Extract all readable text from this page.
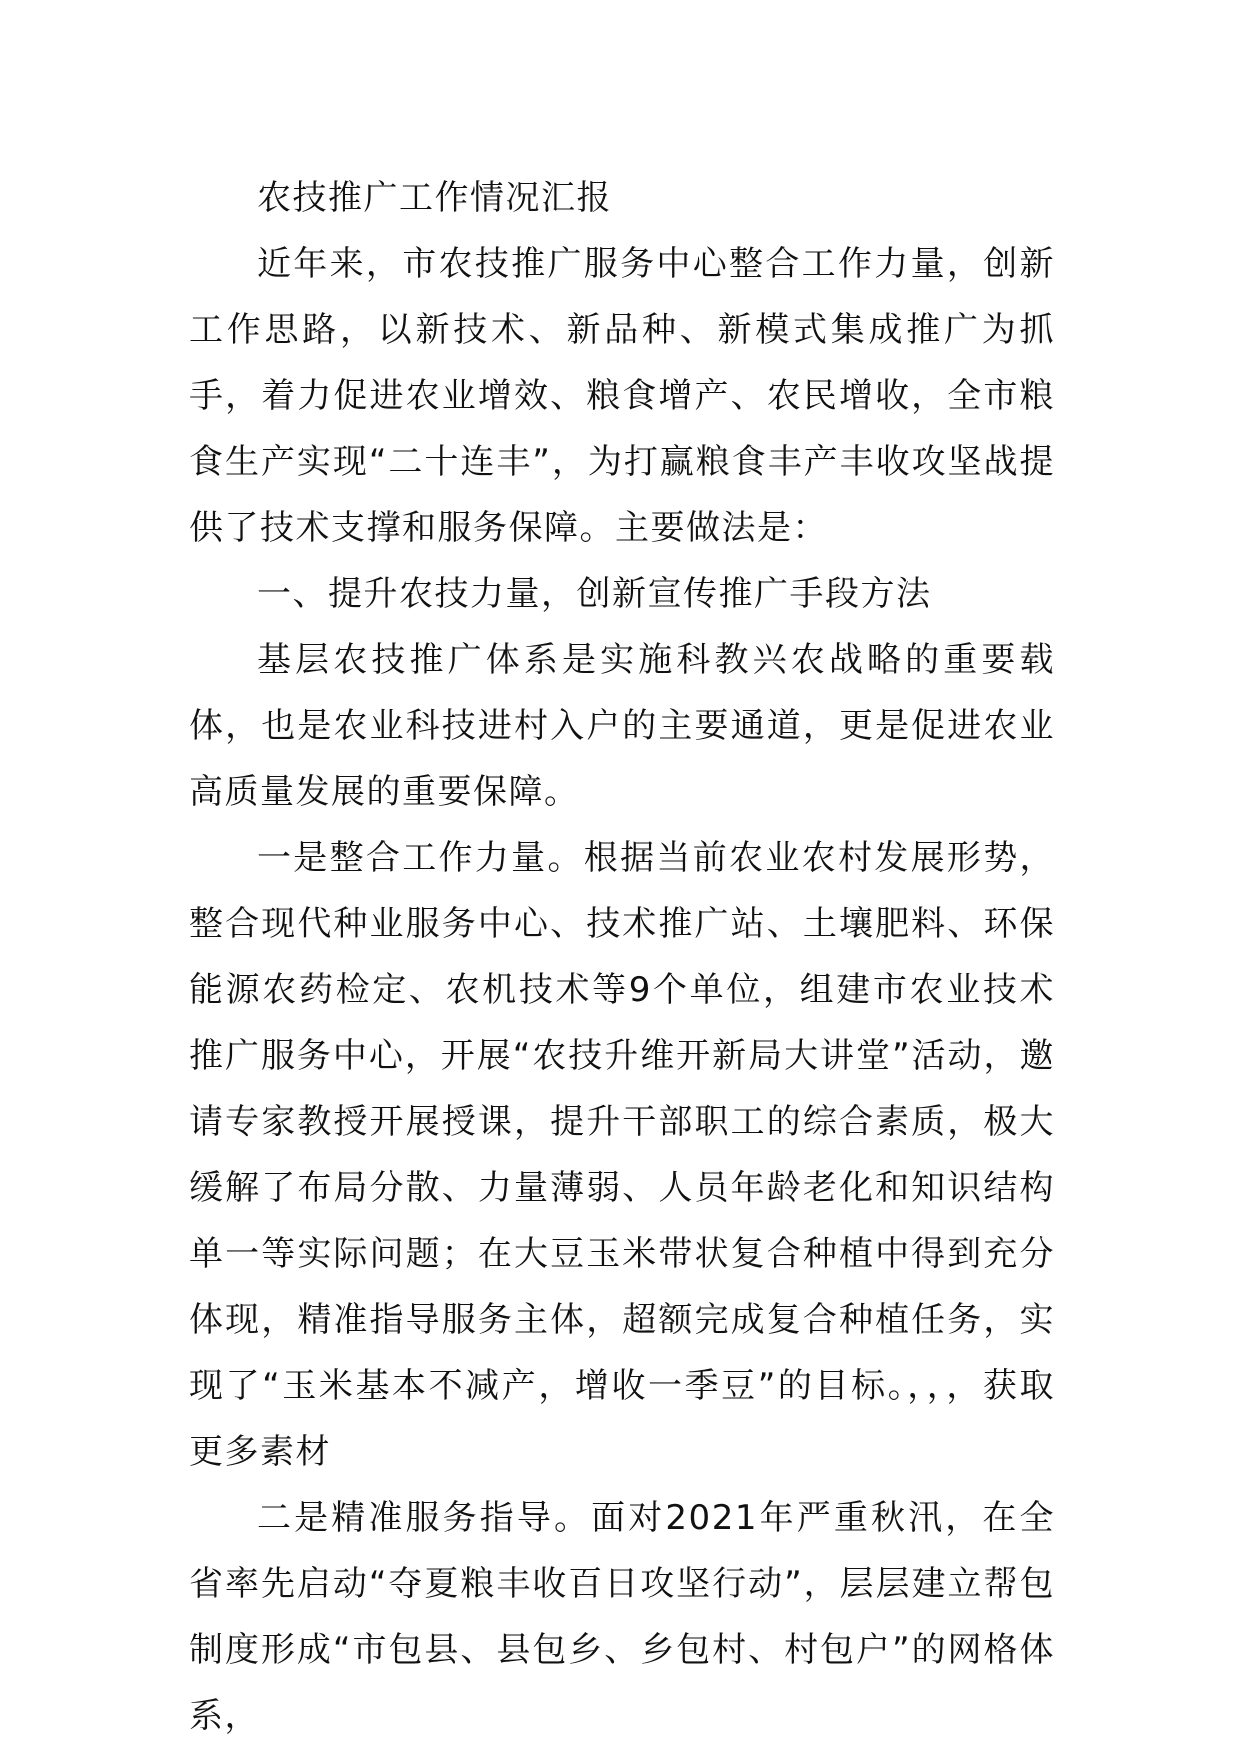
农技推广工作情况汇报

近年来，市农技推广服务中心整合工作力量，创新工作思路，以新技术、新品种、新模式集成推广为抓手，着力促进农业增效、粮食增产、农民增收，全市粮食生产实现“二十连丰”，为打赢粮食丰产丰收攻坚战提供了技术支撑和服务保障。主要做法是：

一、提升农技力量，创新宣传推广手段方法

基层农技推广体系是实施科教兴农战略的重要载体，也是农业科技进村入户的主要通道，更是促进农业高质量发展的重要保障。

一是整合工作力量。根据当前农业农村发展形势，整合现代种业服务中心、技术推广站、土壤肥料、环保能源农药检定、农机技术等9个单位，组建市农业技术推广服务中心，开展“农技升维开新局大讲堂”活动，邀请专家教授开展授课，提升干部职工的综合素质，极大缓解了布局分散、力量薄弱、人员年龄老化和知识结构单一等实际问题；在大豆玉米带状复合种植中得到充分体现，精准指导服务主体，超额完成复合种植任务，实现了“玉米基本不减产，增收一季豆”的目标。，，，获取更多素材

二是精准服务指导。面对2021年严重秋汛，在全省率先启动“夺夏粮丰收百日攻坚行动”，层层建立帮包制度形成“市包县、县包乡、乡包村、村包户”的网格体系，
